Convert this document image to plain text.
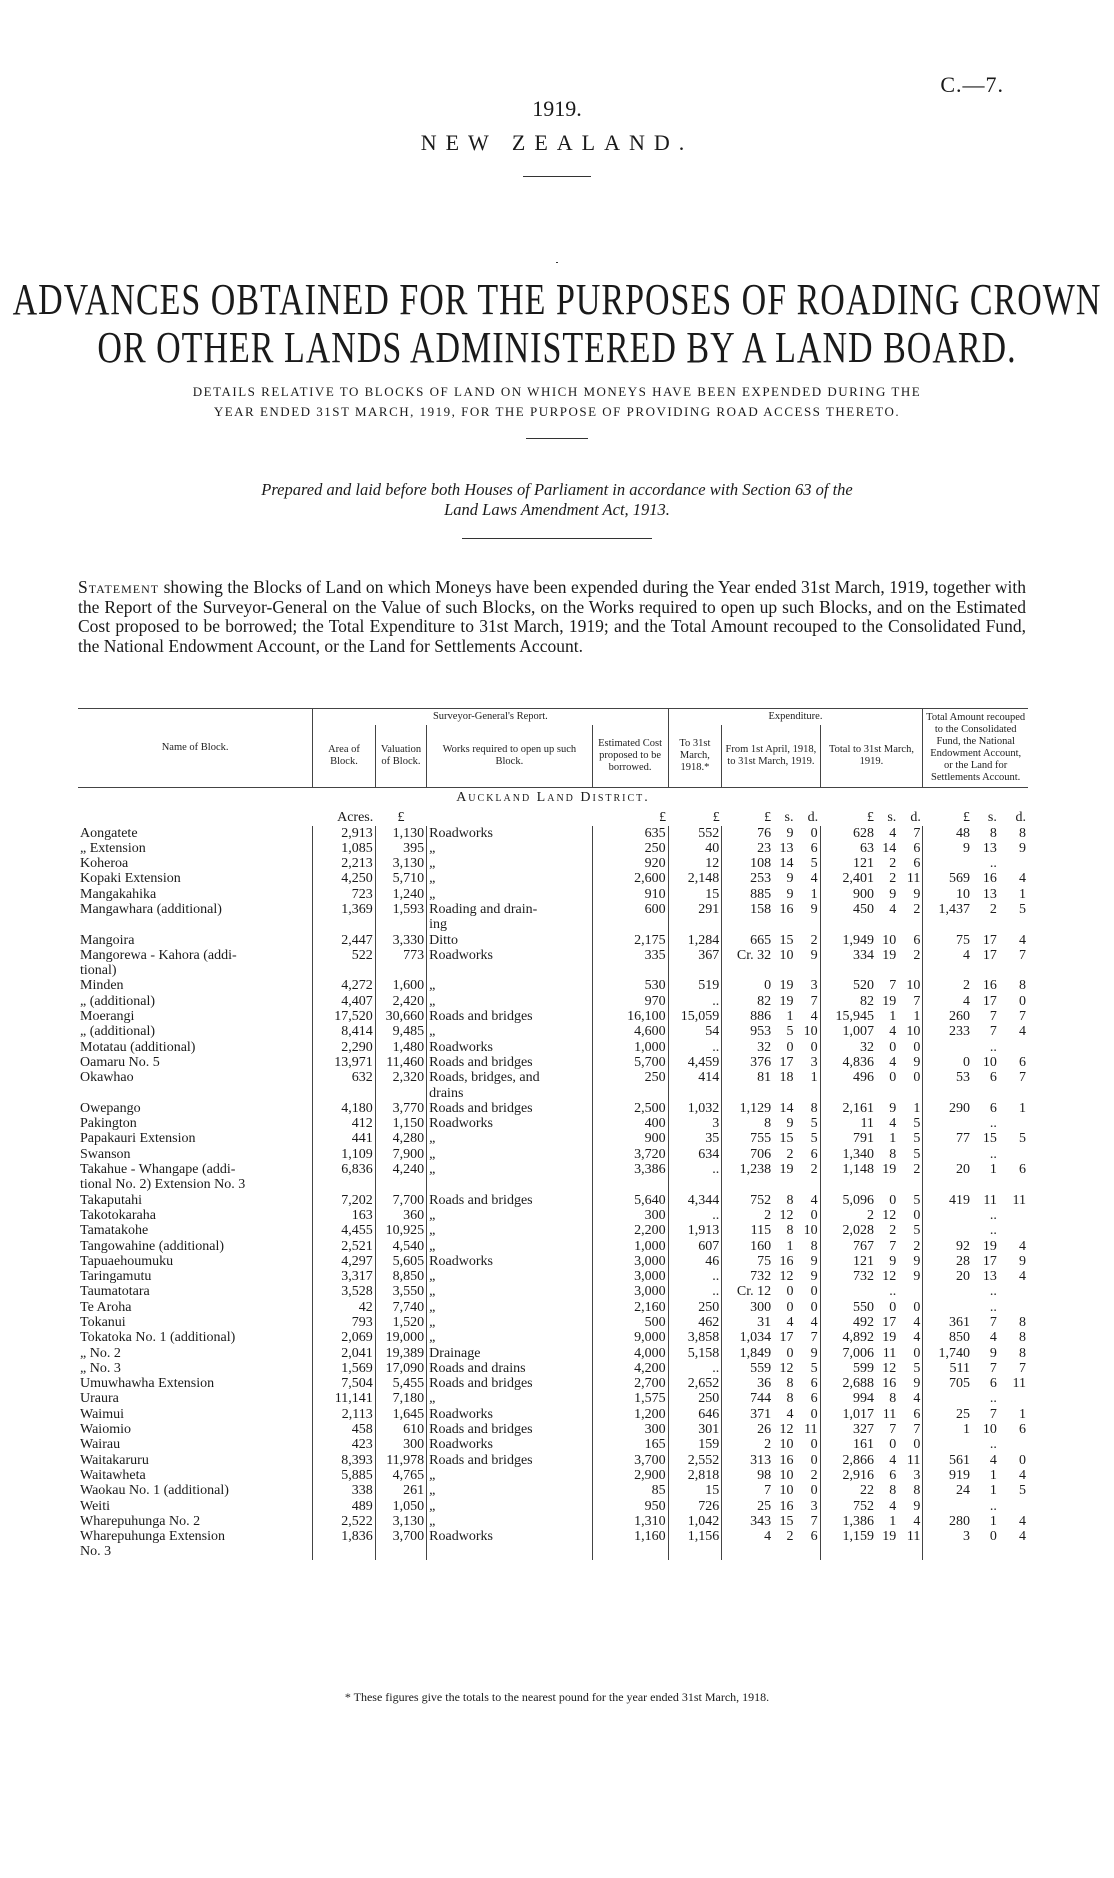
C.—7.
1919.
NEW ZEALAND.
ADVANCES OBTAINED FOR THE PURPOSES OF ROADING CROWN
OR OTHER LANDS ADMINISTERED BY A LAND BOARD.
DETAILS RELATIVE TO BLOCKS OF LAND ON WHICH MONEYS HAVE BEEN EXPENDED DURING THE
YEAR ENDED 31ST MARCH, 1919, FOR THE PURPOSE OF PROVIDING ROAD ACCESS THERETO.
Prepared and laid before both Houses of Parliament in accordance with Section 63 of the
Land Laws Amendment Act, 1913.
Statement showing the Blocks of Land on which Moneys have been expended during the Year ended 31st March, 1919, together with the Report of the Surveyor-General on the Value of such Blocks, on the Works required to open up such Blocks, and on the Estimated Cost proposed to be borrowed; the Total Expenditure to 31st March, 1919; and the Total Amount recouped to the Consolidated Fund, the National Endowment Account, or the Land for Settlements Account.
Name of Block.	Surveyor-General's Report.				Expenditure.							Total Amount recouped to the Consolidated Fund, the National Endowment Account, or the Land for Settlements Account.		
	Area of Block.	Valuation of Block.	Works required to open up such Block.	Estimated Cost proposed to be borrowed.	To 31st March, 1918.*	From 1st April, 1918, to 31st March, 1919.			Total to 31st March, 1919.					
Auckland Land District.														
	Acres.	£		£	£	£	s.	d.	£	s.	d.	£	s.	d.
Aongatete	2,913	1,130	Roadworks	635	552	76	9	0	628	4	7	48	8	8
„ Extension	1,085	395	„	250	40	23	13	6	63	14	6	9	13	9
Koheroa	2,213	3,130	„	920	12	108	14	5	121	2	6		..	
Kopaki Extension	4,250	5,710	„	2,600	2,148	253	9	4	2,401	2	11	569	16	4
Mangakahika	723	1,240	„	910	15	885	9	1	900	9	9	10	13	1
Mangawhara (additional)	1,369	1,593	Roading and drain-	600	291	158	16	9	450	4	2	1,437	2	5
			ing											
Mangoira	2,447	3,330	Ditto	2,175	1,284	665	15	2	1,949	10	6	75	17	4
Mangorewa - Kahora (addi-	522	773	Roadworks	335	367	Cr. 32	10	9	334	19	2	4	17	7
tional)														
Minden	4,272	1,600	„	530	519	0	19	3	520	7	10	2	16	8
„ (additional)	4,407	2,420	„	970	..	82	19	7	82	19	7	4	17	0
Moerangi	17,520	30,660	Roads and bridges	16,100	15,059	886	1	4	15,945	1	1	260	7	7
„ (additional)	8,414	9,485	„	4,600	54	953	5	10	1,007	4	10	233	7	4
Motatau (additional)	2,290	1,480	Roadworks	1,000	..	32	0	0	32	0	0		..	
Oamaru No. 5	13,971	11,460	Roads and bridges	5,700	4,459	376	17	3	4,836	4	9	0	10	6
Okawhao	632	2,320	Roads, bridges, and	250	414	81	18	1	496	0	0	53	6	7
			drains											
Owepango	4,180	3,770	Roads and bridges	2,500	1,032	1,129	14	8	2,161	9	1	290	6	1
Pakington	412	1,150	Roadworks	400	3	8	9	5	11	4	5		..	
Papakauri Extension	441	4,280	„	900	35	755	15	5	791	1	5	77	15	5
Swanson	1,109	7,900	„	3,720	634	706	2	6	1,340	8	5		..	
Takahue - Whangape (addi-	6,836	4,240	„	3,386	..	1,238	19	2	1,148	19	2	20	1	6
tional No. 2) Extension No. 3														
Takaputahi	7,202	7,700	Roads and bridges	5,640	4,344	752	8	4	5,096	0	5	419	11	11
Takotokaraha	163	360	„	300	..	2	12	0	2	12	0		..	
Tamatakohe	4,455	10,925	„	2,200	1,913	115	8	10	2,028	2	5		..	
Tangowahine (additional)	2,521	4,540	„	1,000	607	160	1	8	767	7	2	92	19	4
Tapuaehoumuku	4,297	5,605	Roadworks	3,000	46	75	16	9	121	9	9	28	17	9
Taringamutu	3,317	8,850	„	3,000	..	732	12	9	732	12	9	20	13	4
Taumatotara	3,528	3,550	„	3,000	..	Cr. 12	0	0		..			..	
Te Aroha	42	7,740	„	2,160	250	300	0	0	550	0	0		..	
Tokanui	793	1,520	„	500	462	31	4	4	492	17	4	361	7	8
Tokatoka No. 1 (additional)	2,069	19,000	„	9,000	3,858	1,034	17	7	4,892	19	4	850	4	8
„ No. 2	2,041	19,389	Drainage	4,000	5,158	1,849	0	9	7,006	11	0	1,740	9	8
„ No. 3	1,569	17,090	Roads and drains	4,200	..	559	12	5	599	12	5	511	7	7
Umuwhawha Extension	7,504	5,455	Roads and bridges	2,700	2,652	36	8	6	2,688	16	9	705	6	11
Uraura	11,141	7,180	„	1,575	250	744	8	6	994	8	4		..	
Waimui	2,113	1,645	Roadworks	1,200	646	371	4	0	1,017	11	6	25	7	1
Waiomio	458	610	Roads and bridges	300	301	26	12	11	327	7	7	1	10	6
Wairau	423	300	Roadworks	165	159	2	10	0	161	0	0		..	
Waitakaruru	8,393	11,978	Roads and bridges	3,700	2,552	313	16	0	2,866	4	11	561	4	0
Waitawheta	5,885	4,765	„	2,900	2,818	98	10	2	2,916	6	3	919	1	4
Waokau No. 1 (additional)	338	261	„	85	15	7	10	0	22	8	8	24	1	5
Weiti	489	1,050	„	950	726	25	16	3	752	4	9		..	
Wharepuhunga No. 2	2,522	3,130	„	1,310	1,042	343	15	7	1,386	1	4	280	1	4
Wharepuhunga Extension	1,836	3,700	Roadworks	1,160	1,156	4	2	6	1,159	19	11	3	0	4
No. 3														
* These figures give the totals to the nearest pound for the year ended 31st March, 1918.
